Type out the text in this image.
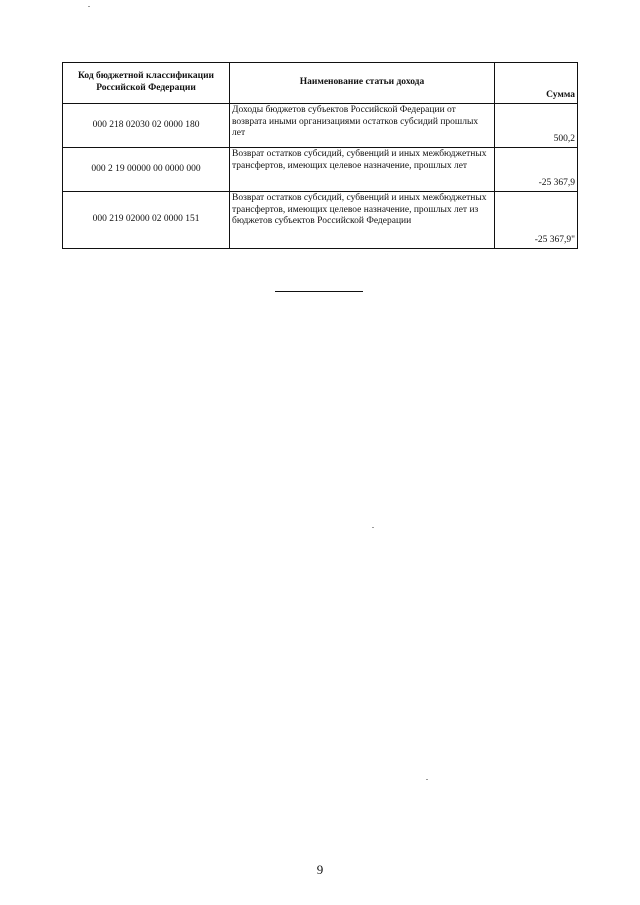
Код бюджетной классификации Российской Федерации	Наименование статьи дохода	Сумма
000 218 02030 02 0000 180	Доходы бюджетов субъектов Российской Федерации от возврата иными организациями остатков субсидий прошлых лет	500,2
000 2 19 00000 00 0000 000	Возврат остатков субсидий, субвенций и иных межбюджетных трансфертов, имеющих целевое назначение, прошлых лет	-25 367,9
000 219 02000 02 0000 151	Возврат остатков субсидий, субвенций и иных межбюджетных трансфертов, имеющих целевое назначение, прошлых лет из бюджетов субъектов Российской Федерации	-25 367,9"
9
